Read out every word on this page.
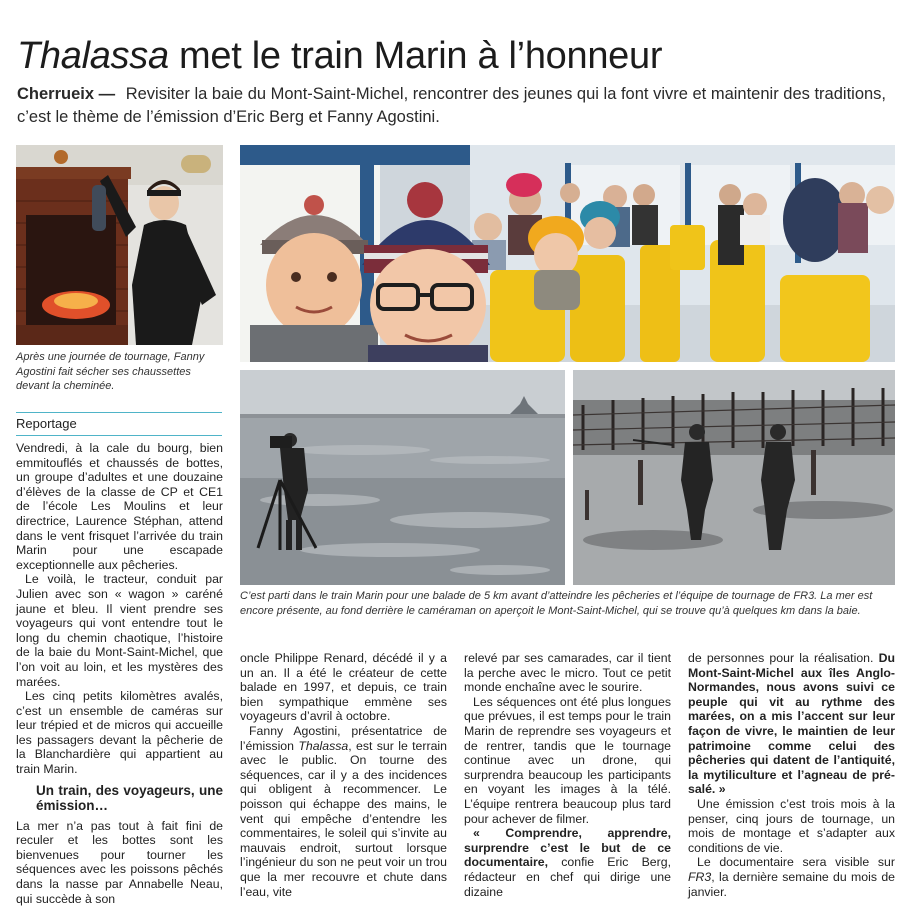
Thalassa met le train Marin à l’honneur
Cherrueix — Revisiter la baie du Mont-Saint-Michel, rencontrer des jeunes qui la font vivre et maintenir des traditions, c’est le thème de l’émission d’Eric Berg et Fanny Agostini.
Après une journée de tournage, Fanny Agostini fait sécher ses chaussettes devant la cheminée.
C’est parti dans le train Marin pour une balade de 5 km avant d’atteindre les pêcheries et l’équipe de tournage de FR3. La mer est encore présente, au fond derrière le caméraman on aperçoit le Mont-Saint-Michel, qui se trouve qu’à quelques km dans la baie.
Reportage

Vendredi, à la cale du bourg, bien emmitouflés et chaussés de bottes, un groupe d’adultes et une douzaine d’élèves de la classe de CP et CE1 de l’école Les Moulins et leur directrice, Laurence Stéphan, attend dans le vent frisquet l’arrivée du train Marin pour une escapade exceptionnelle aux pêcheries.

Le voilà, le tracteur, conduit par Julien avec son « wagon » caréné jaune et bleu. Il vient prendre ses voyageurs qui vont entendre tout le long du chemin chaotique, l’histoire de la baie du Mont-Saint-Michel, que l’on voit au loin, et les mystères des marées.

Les cinq petits kilomètres avalés, c’est un ensemble de caméras sur leur trépied et de micros qui accueille les passagers devant la pêcherie de la Blanchardière qui appartient au train Marin.

Un train, des voyageurs, une émission…

La mer n’a pas tout à fait fini de reculer et les bottes sont les bienvenues pour tourner les séquences avec les poissons pêchés dans la nasse par Annabelle Neau, qui succède à son

oncle Philippe Renard, décédé il y a un an. Il a été le créateur de cette balade en 1997, et depuis, ce train bien sympathique emmène ses voyageurs d’avril à octobre.

Fanny Agostini, présentatrice de l’émission Thalassa, est sur le terrain avec le public. On tourne des séquences, car il y a des incidences qui obligent à recommencer. Le poisson qui échappe des mains, le vent qui empêche d’entendre les commentaires, le soleil qui s’invite au mauvais endroit, surtout lorsque l’ingénieur du son ne peut voir un trou que la mer recouvre et chute dans l’eau, vite

relevé par ses camarades, car il tient la perche avec le micro. Tout ce petit monde enchaîne avec le sourire.

Les séquences ont été plus longues que prévues, il est temps pour le train Marin de reprendre ses voyageurs et de rentrer, tandis que le tournage continue avec un drone, qui surprendra beaucoup les participants en voyant les images à la télé. L’équipe rentrera beaucoup plus tard pour achever de filmer.

« Comprendre, apprendre, surprendre c’est le but de ce documentaire, confie Eric Berg, rédacteur en chef qui dirige une dizaine

de personnes pour la réalisation. Du Mont-Saint-Michel aux îles Anglo-Normandes, nous avons suivi ce peuple qui vit au rythme des marées, on a mis l’accent sur leur façon de vivre, le maintien de leur patrimoine comme celui des pêcheries qui datent de l’antiquité, la mytiliculture et l’agneau de pré-salé. »

Une émission c’est trois mois à la penser, cinq jours de tournage, un mois de montage et s’adapter aux conditions de vie.

Le documentaire sera visible sur FR3, la dernière semaine du mois de janvier.
